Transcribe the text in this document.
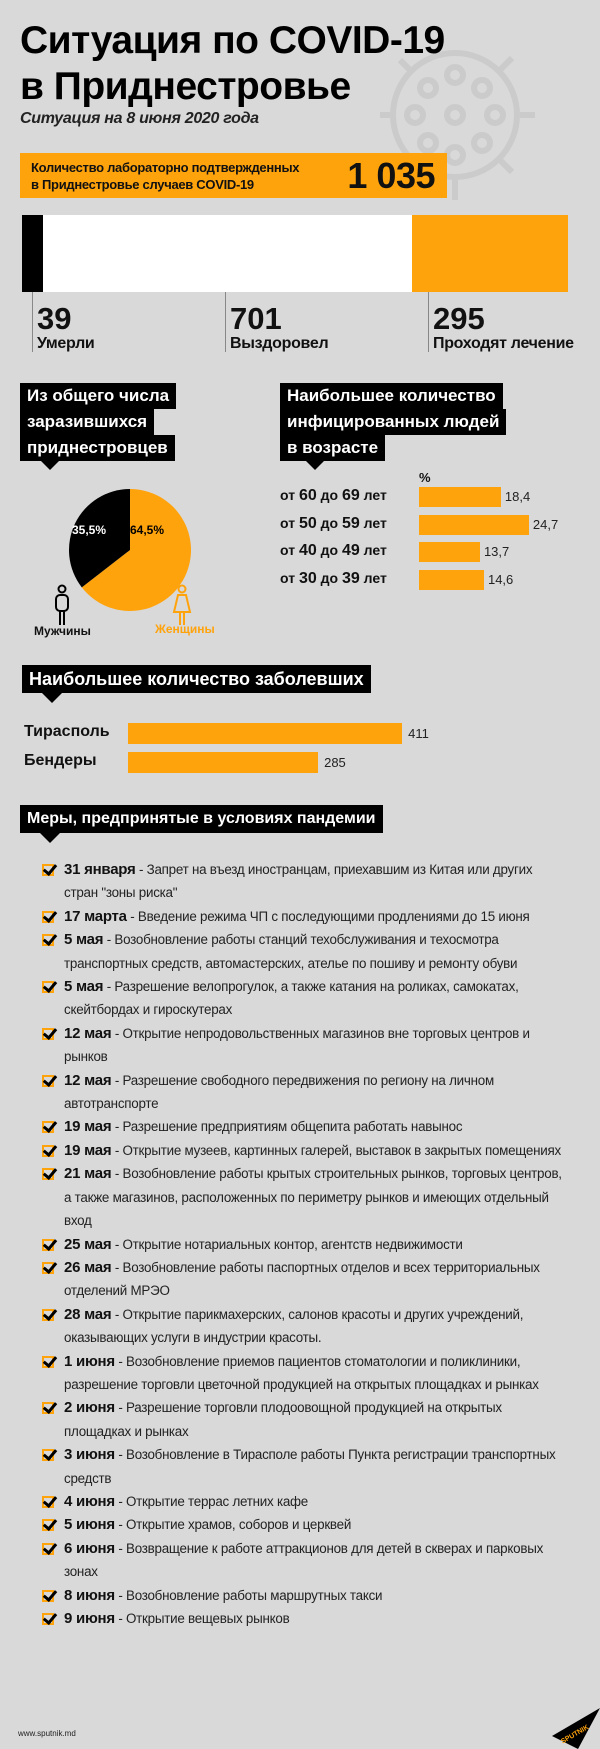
Ситуация по COVID-19
в Приднестровье
Ситуация на 8 июня 2020 года
Количество лабораторно подтвержденных
в Приднестровье случаев COVID-19	1 035
39
Умерли
701
Выздоровел
295
Проходят лечение
Из общего числа
заразившихся
приднестровцев
35,5% 64,5%
Мужчины	Женщины
Наибольшее количество
инфицированных людей
в возрасте
%
от 60 до 69 лет	18,4
от 50 до 59 лет	24,7
от 40 до 49 лет	13,7
от 30 до 39 лет	14,6
Наибольшее количество заболевших
Тирасполь	411
Бендеры	285
Меры, предпринятые в условиях пандемии
31 января - Запрет на въезд иностранцам, приехавшим из Китая или других стран "зоны риска"
17 марта - Введение режима ЧП с последующими продлениями до 15 июня
5 мая - Возобновление работы станций техобслуживания и техосмотра транспортных средств, автомастерских, ателье по пошиву и ремонту обуви
5 мая - Разрешение велопрогулок, а также катания на роликах, самокатах, скейтбордах и гироскутерах
12 мая - Открытие непродовольственных магазинов вне торговых центров и рынков
12 мая - Разрешение свободного передвижения по региону на личном автотранспорте
19 мая - Разрешение предприятиям общепита работать навынос
19 мая - Открытие музеев, картинных галерей, выставок в закрытых помещениях
21 мая - Возобновление работы крытых строительных рынков, торговых центров, а также магазинов, расположенных по периметру рынков и имеющих отдельный вход
25 мая - Открытие нотариальных контор, агентств недвижимости
26 мая - Возобновление работы паспортных отделов и всех территориальных отделений МРЭО
28 мая - Открытие парикмахерских, салонов красоты и других учреждений, оказывающих услуги в индустрии красоты.
1 июня - Возобновление приемов пациентов стоматологии и поликлиники, разрешение торговли цветочной продукцией на открытых площадках и рынках
2 июня - Разрешение торговли плодоовощной продукцией на открытых площадках и рынках
3 июня - Возобновление в Тирасполе работы Пункта регистрации транспортных средств
4 июня - Открытие террас летних кафе
5 июня - Открытие храмов, соборов и церквей
6 июня - Возвращение к работе аттракционов для детей в скверах и парковых зонах
8 июня - Возобновление работы маршрутных такси
9 июня - Открытие вещевых рынков
www.sputnik.md	SPUTNIK
